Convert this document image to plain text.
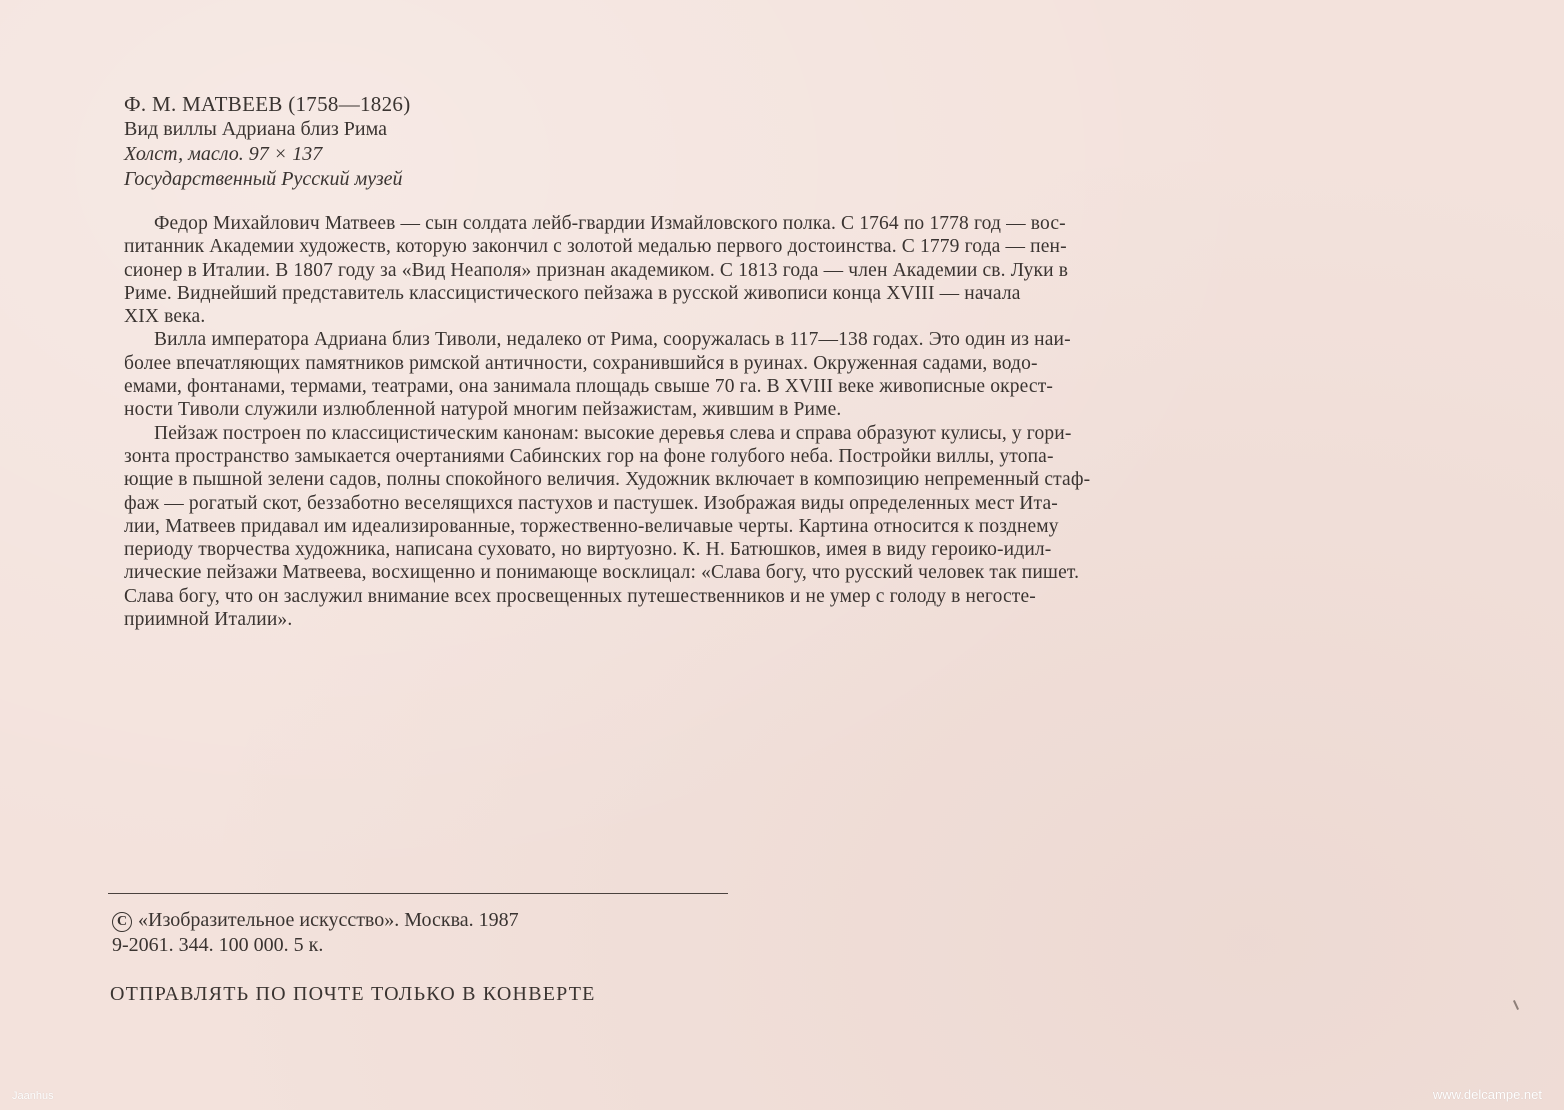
Ф. М. МАТВЕЕВ (1758—1826)
Вид виллы Адриана близ Рима
Холст, масло. 97 × 137
Государственный Русский музей
Федор Михайлович Матвеев — сын солдата лейб-гвардии Измайловского полка. С 1764 по 1778 год — вос-
питанник Академии художеств, которую закончил с золотой медалью первого достоинства. С 1779 года — пен-
сионер в Италии. В 1807 году за «Вид Неаполя» признан академиком. С 1813 года — член Академии св. Луки в
Риме. Виднейший представитель классицистического пейзажа в русской живописи конца XVIII — начала
XIX века.
Вилла императора Адриана близ Тиволи, недалеко от Рима, сооружалась в 117—138 годах. Это один из наи-
более впечатляющих памятников римской античности, сохранившийся в руинах. Окруженная садами, водо-
емами, фонтанами, термами, театрами, она занимала площадь свыше 70 га. В XVIII веке живописные окрест-
ности Тиволи служили излюбленной натурой многим пейзажистам, жившим в Риме.
Пейзаж построен по классицистическим канонам: высокие деревья слева и справа образуют кулисы, у гори-
зонта пространство замыкается очертаниями Сабинских гор на фоне голубого неба. Постройки виллы, утопа-
ющие в пышной зелени садов, полны спокойного величия. Художник включает в композицию непременный стаф-
фаж — рогатый скот, беззаботно веселящихся пастухов и пастушек. Изображая виды определенных мест Ита-
лии, Матвеев придавал им идеализированные, торжественно-величавые черты. Картина относится к позднему
периоду творчества художника, написана суховато, но виртуозно. К. Н. Батюшков, имея в виду героико-идил-
лические пейзажи Матвеева, восхищенно и понимающе восклицал: «Слава богу, что русский человек так пишет.
Слава богу, что он заслужил внимание всех просвещенных путешественников и не умер с голоду в негосте-
приимной Италии».
C «Изобразительное искусство». Москва. 1987
9-2061. 344. 100 000. 5 к.
ОТПРАВЛЯТЬ ПО ПОЧТЕ ТОЛЬКО В КОНВЕРТЕ
Jaanhus	www.delcampe.net
